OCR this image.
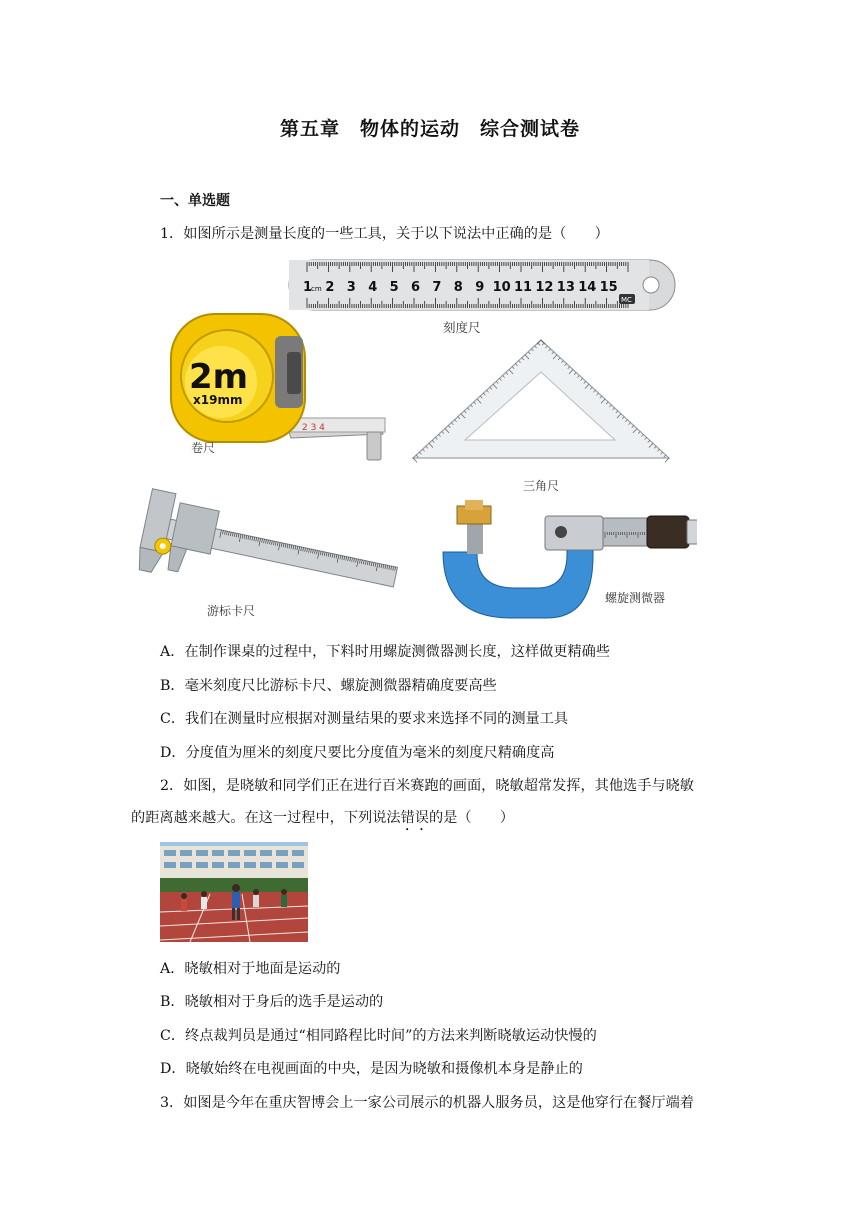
第五章　物体的运动　综合测试卷
一、单选题
1．如图所示是测量长度的一些工具，关于以下说法中正确的是（　　）
2 3 4 5 6 7 8 9 10 11 12 13 14 15
1
cm
MC
刻度尺
2 3 4
2m
x19mm
卷尺
三角尺
游标卡尺
螺旋测微器
A．在制作课桌的过程中，下料时用螺旋测微器测长度，这样做更精确些
B．毫米刻度尺比游标卡尺、螺旋测微器精确度要高些
C．我们在测量时应根据对测量结果的要求来选择不同的测量工具
D．分度值为厘米的刻度尺要比分度值为毫米的刻度尺精确度高
2．如图，是晓敏和同学们正在进行百米赛跑的画面，晓敏超常发挥，其他选手与晓敏
的距离越来越大。在这一过程中，下列说法错误的是（　　）
A．晓敏相对于地面是运动的
B．晓敏相对于身后的选手是运动的
C．终点裁判员是通过“相同路程比时间”的方法来判断晓敏运动快慢的
D．晓敏始终在电视画面的中央，是因为晓敏和摄像机本身是静止的
3．如图是今年在重庆智博会上一家公司展示的机器人服务员，这是他穿行在餐厅端着
